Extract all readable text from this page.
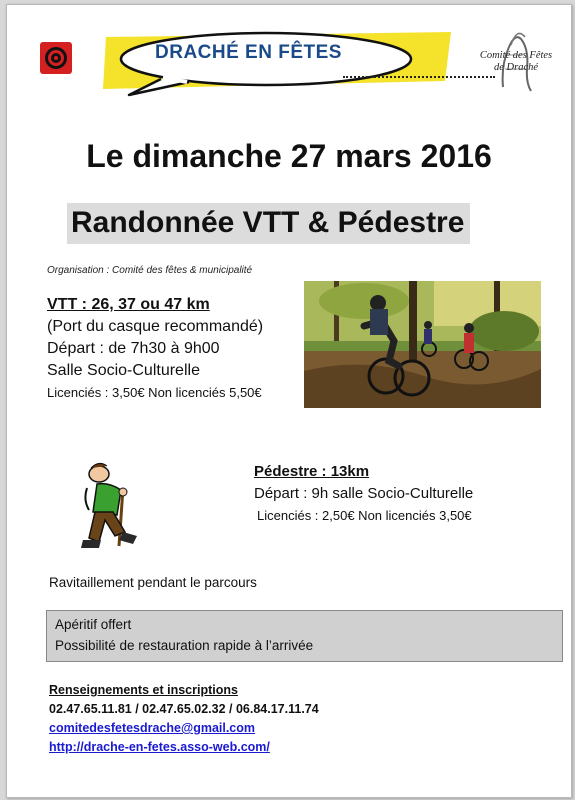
DRACHÉ EN FÊTES	Comité des Fêtes de Draché
Le dimanche 27 mars 2016
Randonnée VTT & Pédestre
Organisation : Comité des fêtes & municipalité
VTT : 26, 37 ou 47 km
(Port du casque recommandé)
Départ : de 7h30 à 9h00
Salle Socio-Culturelle
Licenciés : 3,50€ Non licenciés 5,50€
Pédestre : 13km
Départ : 9h salle Socio-Culturelle
Licenciés : 2,50€ Non licenciés 3,50€
Ravitaillement pendant le parcours
Apéritif offert
Possibilité de restauration rapide à l’arrivée
Renseignements et inscriptions
02.47.65.11.81 / 02.47.65.02.32 / 06.84.17.11.74
comitedesfetesdrache@gmail.com
http://drache-en-fetes.asso-web.com/
